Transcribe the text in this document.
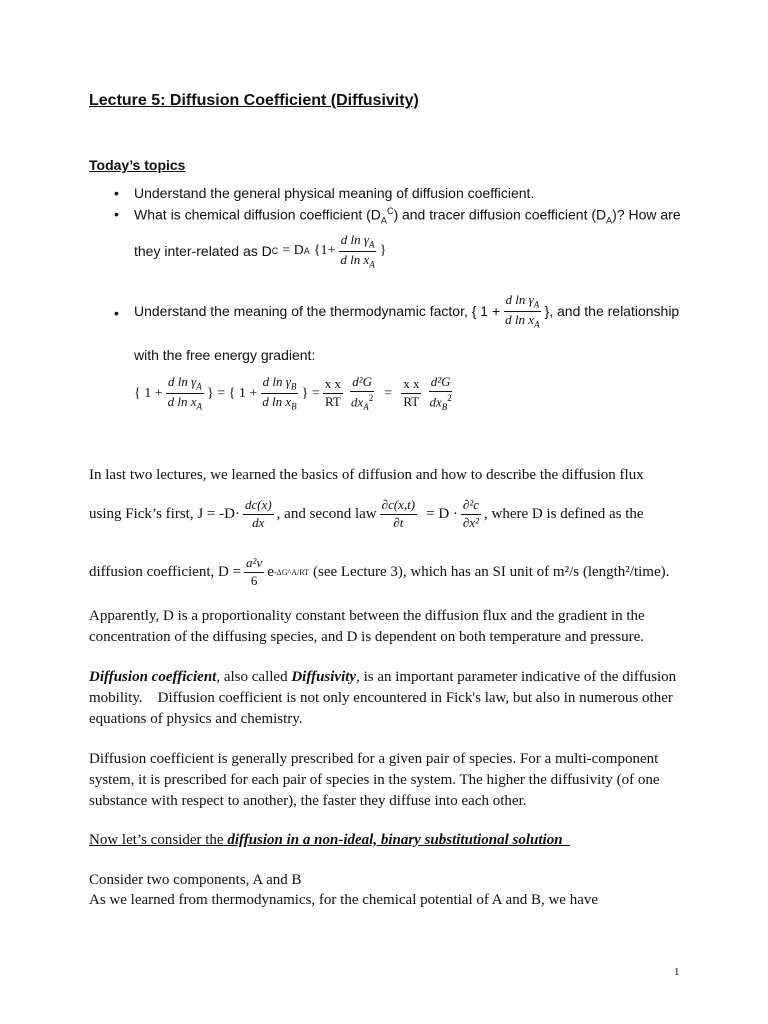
Lecture 5: Diffusion Coefficient (Diffusivity)
Today’s topics
• Understand the general physical meaning of diffusion coefficient.
• What is chemical diffusion coefficient $(D_A^C)$ and tracer diffusion coefficient $(D_A)$? How are
they inter-related as D C = D A {$1+ \frac{d \ln \gamma_A}{d \ln x_A}$ }
• Understand the meaning of the thermodynamic factor, { $1 + \frac{d \ln \gamma_A}{d \ln x_A}$ }, and the relationship
with the free energy gradient:
{ $1 + \frac{d \ln \gamma_A}{d \ln x_A}$ } = { $1 + \frac{d \ln \gamma_B}{d \ln x_B}$ } = $\frac{\text{x x}}{RT} \frac{\text{d²G}}{dx_A^2} = \frac{\text{x x}}{RT} \frac{\text{d²G}}{dx_B^2}$
In last two lectures, we learned the basics of diffusion and how to describe the diffusion flux
using Fick’s first, $J = -D\cdot \frac{dc(x)}{dx}$ , and second law $\frac{\partial c(x,t)}{\partial t} = D \cdot \frac{\text{∂²c}}{\text{∂x²}}$ , where D is defined as the
diffusion coefficient, $D = \frac{\text{a²ν}}{6}$ e -ΔG^A/RT (see Lecture 3), which has an SI unit of m²/s (length²/time).
Apparently, D is a proportionality constant between the diffusion flux and the gradient in the
concentration of the diffusing species, and D is dependent on both temperature and pressure.
Diffusion coefficient, also called Diffusivity, is an important parameter indicative of the diffusion
mobility.    Diffusion coefficient is not only encountered in Fick's law, but also in numerous other
equations of physics and chemistry.
Diffusion coefficient is generally prescribed for a given pair of species. For a multi-component
system, it is prescribed for each pair of species in the system. The higher the diffusivity (of one
substance with respect to another), the faster they diffuse into each other.
Now let’s consider the diffusion in a non-ideal, binary substitutional solution
Consider two components, A and B
As we learned from thermodynamics, for the chemical potential of A and B, we have
1
